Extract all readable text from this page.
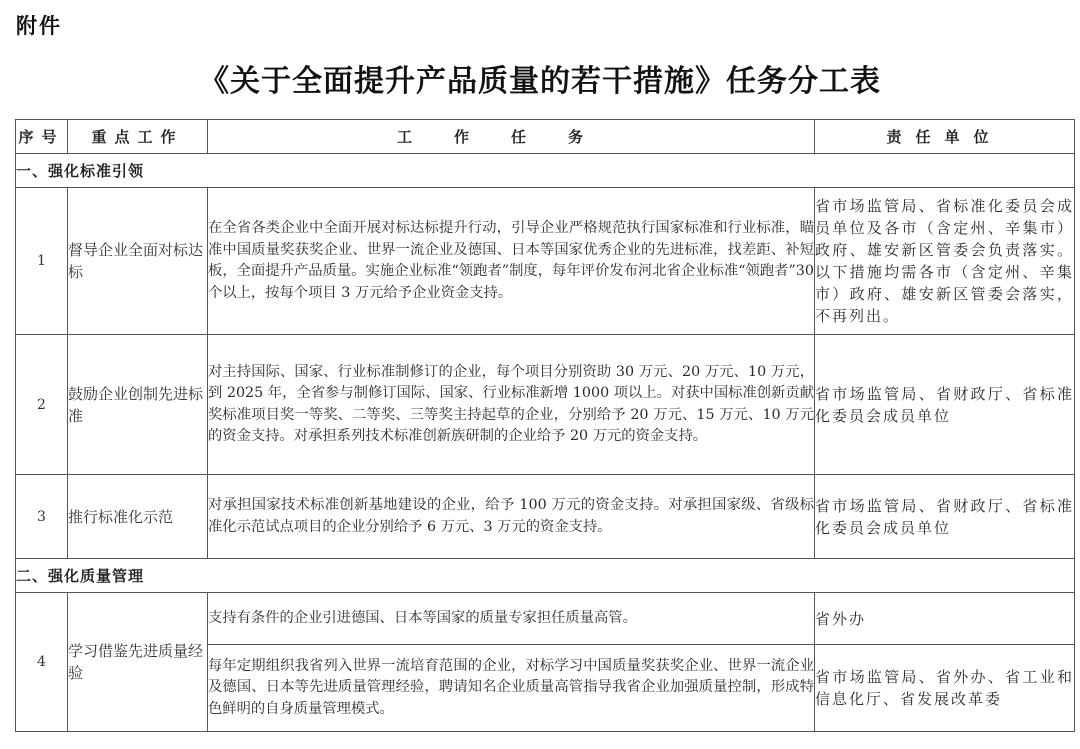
附件
《关于全面提升产品质量的若干措施》任务分工表
序号	重点工作	工作任务	责任单位
一、强化标准引领			
1	督导企业全面对标达标	在全省各类企业中全面开展对标达标提升行动，引导企业严格规范执行国家标准和行业标准，瞄准中国质量奖获奖企业、世界一流企业及德国、日本等国家优秀企业的先进标准，找差距、补短板，全面提升产品质量。实施企业标准“领跑者”制度，每年评价发布河北省企业标准“领跑者”30 个以上，按每个项目 3 万元给予企业资金支持。	省市场监管局、省标准化委员会成员单位及各市（含定州、辛集市）政府、雄安新区管委会负责落实。以下措施均需各市（含定州、辛集市）政府、雄安新区管委会落实，不再列出。
2	鼓励企业创制先进标准	对主持国际、国家、行业标准制修订的企业，每个项目分别资助 30 万元、20 万元、10 万元，到 2025 年，全省参与制修订国际、国家、行业标准新增 1000 项以上。对获中国标准创新贡献奖标准项目奖一等奖、二等奖、三等奖主持起草的企业，分别给予 20 万元、15 万元、10 万元的资金支持。对承担系列技术标准创新族研制的企业给予 20 万元的资金支持。	省市场监管局、省财政厅、省标准化委员会成员单位
3	推行标准化示范	对承担国家技术标准创新基地建设的企业，给予 100 万元的资金支持。对承担国家级、省级标准化示范试点项目的企业分别给予 6 万元、3 万元的资金支持。	省市场监管局、省财政厅、省标准化委员会成员单位
二、强化质量管理			
4	学习借鉴先进质量经验	支持有条件的企业引进德国、日本等国家的质量专家担任质量高管。	省外办
		每年定期组织我省列入世界一流培育范围的企业，对标学习中国质量奖获奖企业、世界一流企业及德国、日本等先进质量管理经验，聘请知名企业质量高管指导我省企业加强质量控制，形成特色鲜明的自身质量管理模式。	省市场监管局、省外办、省工业和信息化厅、省发展改革委
